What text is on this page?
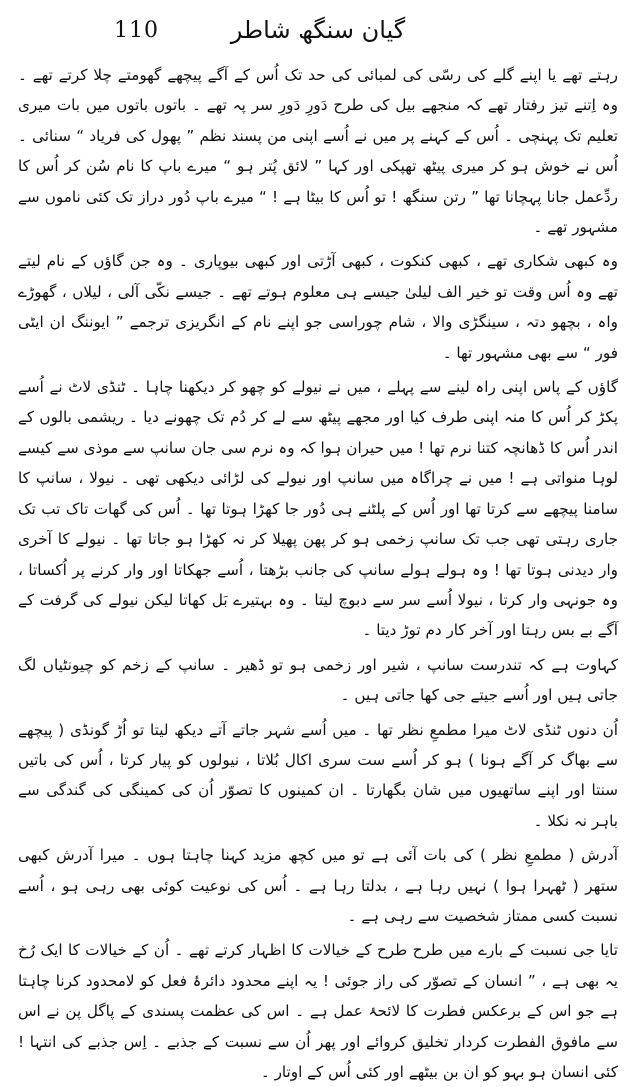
گیان سنگھ شاطر
110

رہتے تھے یا اپنے گلے کی رسّی کی لمبائی کی حد تک اُس کے آگے پیچھے گھومتے چلا کرتے تھے ۔ وہ اِتنے تیز رفتار تھے کہ منجھے بیل کی طرح دَورِ دَورِ سر پہ تھے ۔ باتوں باتوں میں بات میری تعلیم تک پہنچی ۔ اُس کے کہنے پر میں نے اُسے اپنی من پسند نظم ” پھول کی فریاد “ سنائی ۔ اُس نے خوش ہو کر میری پیٹھ تھپکی اور کہا ” لائق پُتر ہو “ میرے باپ کا نام سُن کر اُس کا ردِّعمل جانا پہچانا تھا ” رتن سنگھ ! تو اُس کا بیٹا ہے ! “ میرے باپ دُور دراز تک کئی ناموں سے مشہور تھے ۔

وہ کبھی شکاری تھے ، کبھی کنکوت ، کبھی آڑتی اور کبھی بیوپاری ۔ وہ جن گاؤں کے نام لیتے تھے وہ اُس وقت تو خیر الف لیلیٰ جیسے ہی معلوم ہوتے تھے ۔ جیسے نکّی آلی ، لیلاں ، گھوڑے واہ ، بچھو دتہ ، سینگڑی والا ، شام چوراسی جو اپنے نام کے انگریزی ترجمے ” ایوننگ ان ایٹی فور “ سے بھی مشہور تھا ۔

گاؤں کے پاس اپنی راہ لینے سے پہلے ، میں نے نیولے کو چھو کر دیکھنا چاہا ۔ ٹنڈی لاٹ نے اُسے پکڑ کر اُس کا منہ اپنی طرف کیا اور مجھے پیٹھ سے لے کر دُم تک چھونے دیا ۔ ریشمی بالوں کے اندر اُس کا ڈھانچہ کتنا نرم تھا ! میں حیران ہوا کہ وہ نرم سی جان سانپ سے موذی سے کیسے لوہا منواتی ہے ! میں نے چراگاہ میں سانپ اور نیولے کی لڑائی دیکھی تھی ۔ نیولا ، سانپ کا سامنا پیچھے سے کرتا تھا اور اُس کے پلٹنے ہی دُور جا کھڑا ہوتا تھا ۔ اُس کی گھات تاک تب تک جاری رہتی تھی جب تک سانپ زخمی ہو کر پھن پھیلا کر نہ کھڑا ہو جاتا تھا ۔ نیولے کا آخری وار دیدنی ہوتا تھا ! وہ ہولے ہولے سانپ کی جانب بڑھتا ، اُسے جھکاتا اور وار کرنے پر اُکساتا ، وہ جونہی وار کرتا ، نیولا اُسے سر سے دبوچ لیتا ۔ وہ بہتیرے بَل کھاتا لیکن نیولے کی گرفت کے آگے بے بس رہتا اور آخر کار دم توڑ دیتا ۔

کہاوت ہے کہ تندرست سانپ ، شیر اور زخمی ہو تو ڈھیر ۔ سانپ کے زخم کو چیونٹیاں لگ جاتی ہیں اور اُسے جیتے جی کھا جاتی ہیں ۔

اُن دنوں ٹنڈی لاٹ میرا مطمعِ نظر تھا ۔ میں اُسے شہر جاتے آتے دیکھ لیتا تو اُڑ گونڈی ( پیچھے سے بھاگ کر آگے ہونا ) ہو کر اُسے ست سری اکال بُلاتا ، نیولوں کو پیار کرتا ، اُس کی باتیں سنتا اور اپنے ساتھیوں میں شان بگھارتا ۔ ان کمینوں کا تصوّر اُن کی کمینگی کی گندگی سے باہر نہ نکلا ۔

آدرش ( مطمعِ نظر ) کی بات آئی ہے تو میں کچھ مزید کہنا چاہتا ہوں ۔ میرا آدرش کبھی ستھر ( ٹھہرا ہوا ) نہیں رہا ہے ، بدلتا رہا ہے ۔ اُس کی نوعیت کوئی بھی رہی ہو ، اُسے نسبت کسی ممتاز شخصیت سے رہی ہے ۔

تایا جی نسبت کے بارے میں طرح طرح کے خیالات کا اظہار کرتے تھے ۔ اُن کے خیالات کا ایک رُخ یہ بھی ہے ، ” انسان کے تصوّر کی راز جوئی ! یہ اپنے محدود دائرۂ فعل کو لامحدود کرنا چاہتا ہے جو اس کے برعکس فطرت کا لائحۂ عمل ہے ۔ اس کی عظمت پسندی کے پاگل پن نے اس سے مافوق الفطرت کردار تخلیق کروائے اور پھر اُن سے نسبت کے جذبے ۔ اِس جذبے کی انتہا ! کئی انسان ہو بہو کو ان بن بیٹھے اور کئی اُس کے اوتار ۔
